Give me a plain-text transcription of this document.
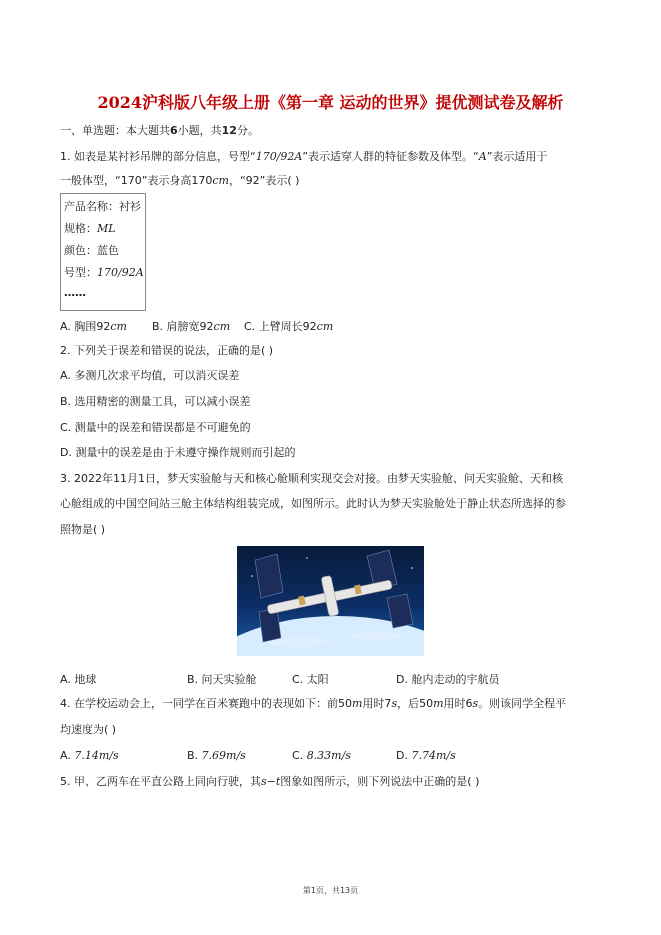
2024沪科版八年级上册《第一章 运动的世界》提优测试卷及解析
一、单选题：本大题共6小题，共12分。
1. 如表是某衬衫吊牌的部分信息，号型“170/92A”表示适穿人群的特征参数及体型。“A”表示适用于
一般体型，“170”表示身高170cm，“92”表示( )
产品名称：衬衫
规格：ML
颜色：蓝色
号型：170/92A
……
A. 胸围92cm B. 肩膀宽92cm C. 上臂周长92cm
2. 下列关于误差和错误的说法，正确的是( )
A. 多测几次求平均值，可以消灭误差
B. 选用精密的测量工具，可以减小误差
C. 测量中的误差和错误都是不可避免的
D. 测量中的误差是由于未遵守操作规则而引起的
3. 2022年11月1日，梦天实验舱与天和核心舱顺利实现交会对接。由梦天实验舱、问天实验舱、天和核
心舱组成的中国空间站三舱主体结构组装完成，如图所示。此时认为梦天实验舱处于静止状态所选择的参
照物是( )
A. 地球	B. 问天实验舱	C. 太阳	D. 舱内走动的宇航员
4. 在学校运动会上，一同学在百米赛跑中的表现如下：前50m用时7s，后50m用时6s。则该同学全程平
均速度为( )
A. 7.14m/s	B. 7.69m/s	C. 8.33m/s	D. 7.74m/s
5. 甲、乙两车在平直公路上同向行驶，其s−t图象如图所示，则下列说法中正确的是( )
第1页，共13页
